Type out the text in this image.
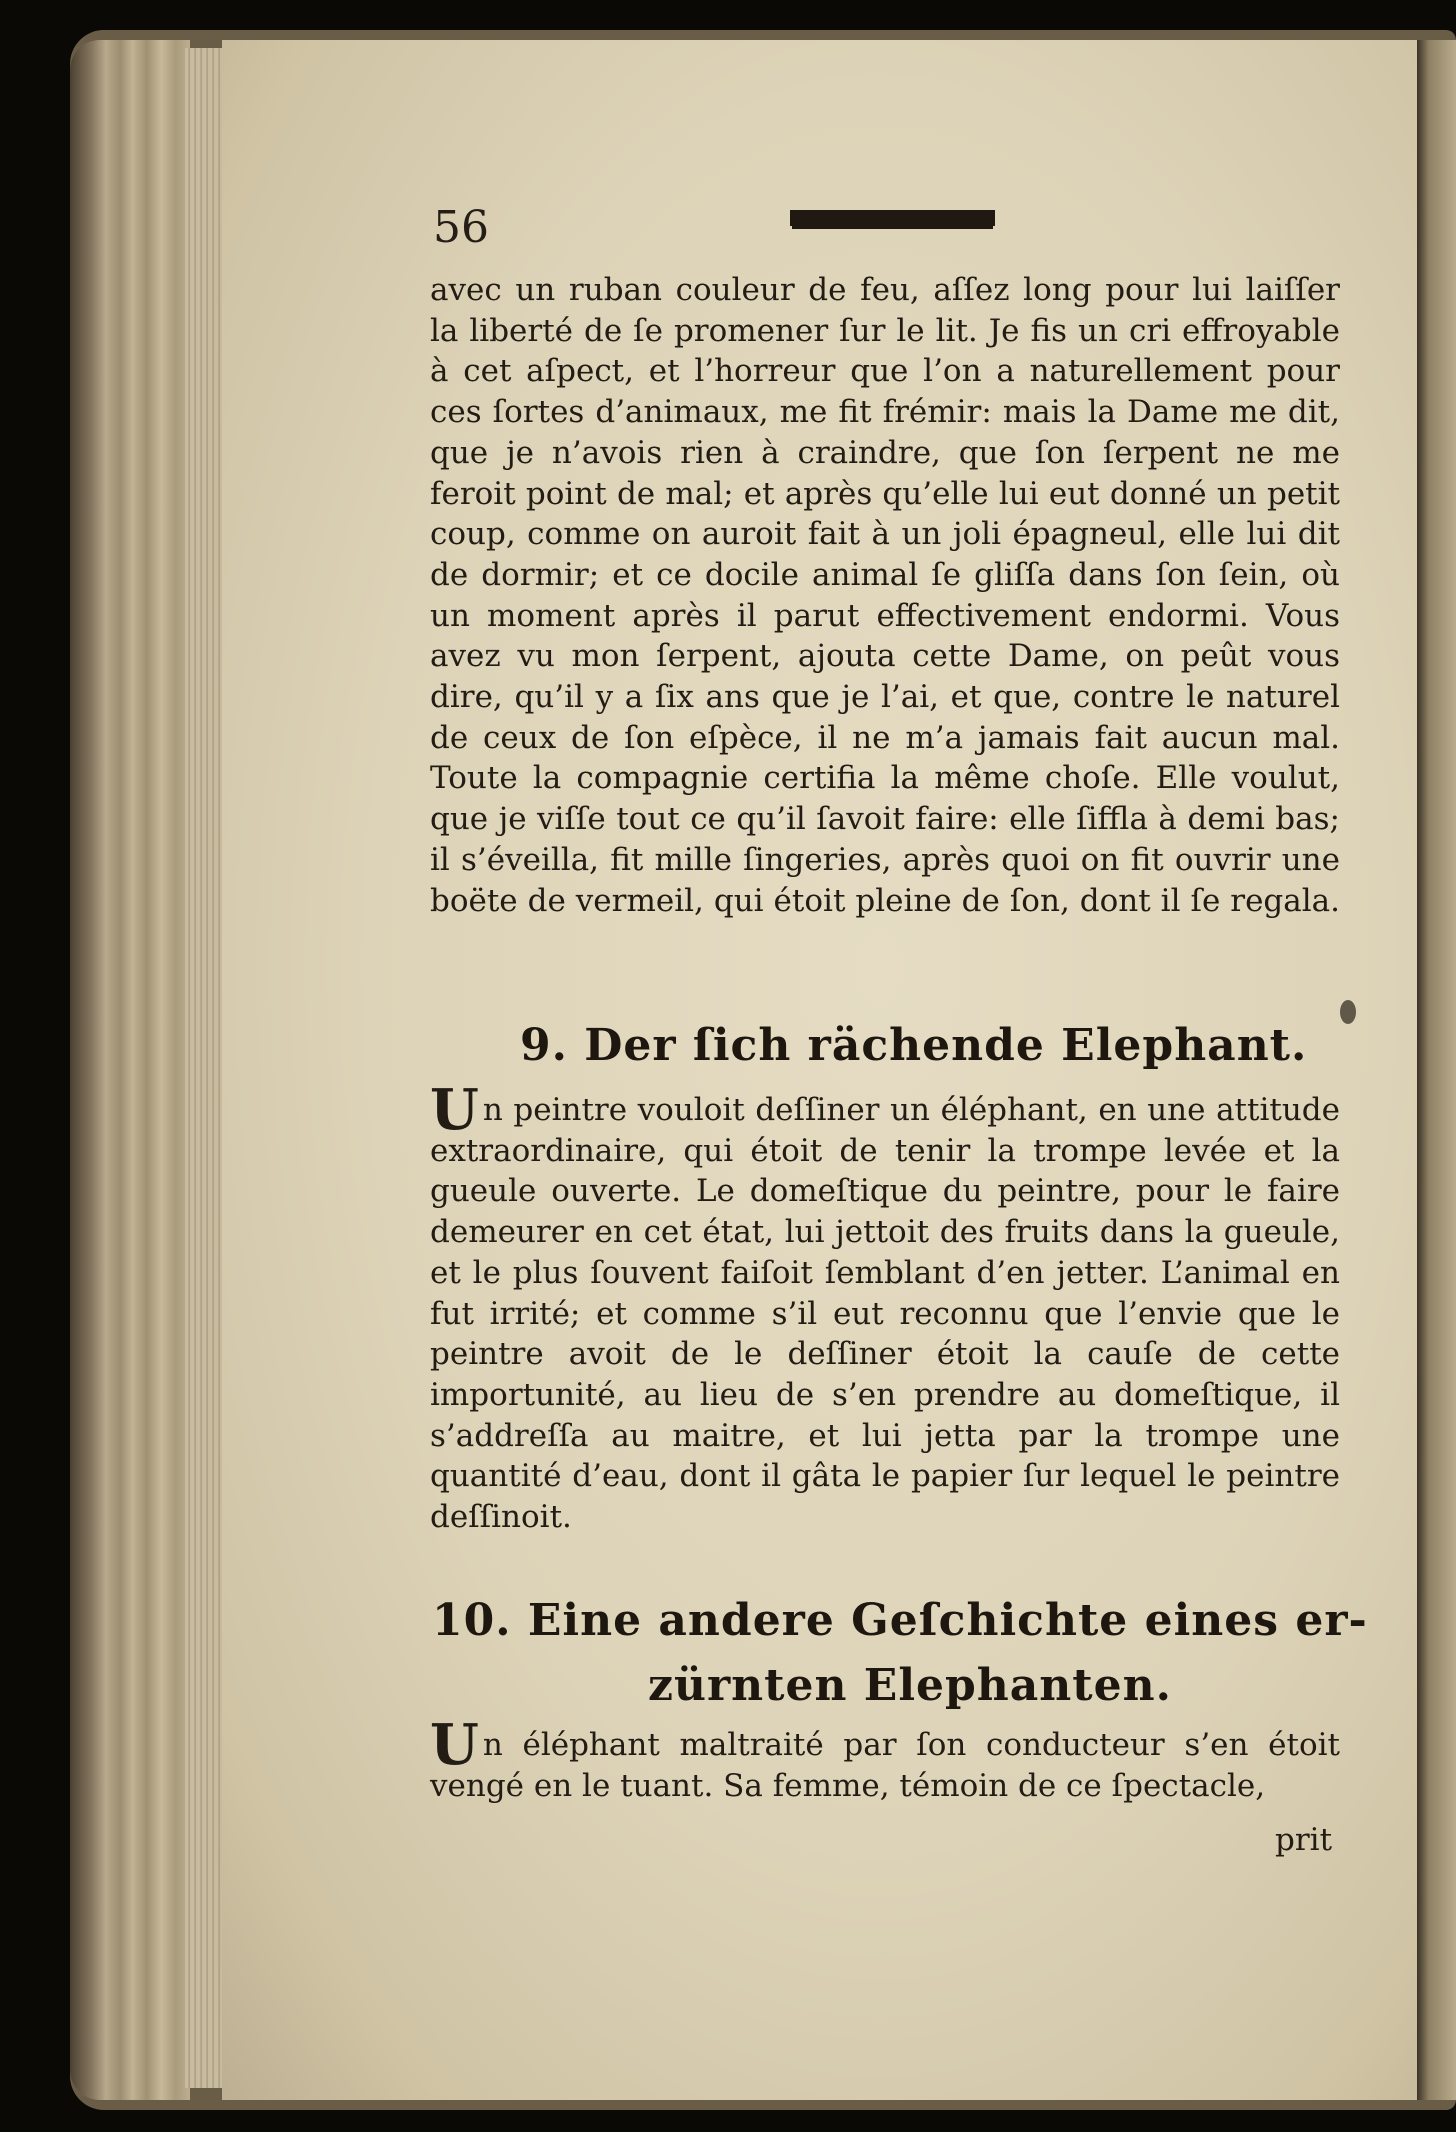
56
avec un ruban couleur de feu, aſſez long pour lui laiſſer la liberté de ſe promener ſur le lit. Je fis un cri effroyable à cet aſpect, et l’horreur que l’on a naturellement pour ces ſortes d’animaux, me fit frémir: mais la Dame me dit, que je n’avois rien à craindre, que ſon ſerpent ne me feroit point de mal; et après qu’elle lui eut donné un petit coup, comme on auroit fait à un joli épagneul, elle lui dit de dormir; et ce docile animal ſe gliſſa dans ſon ſein, où un moment après il parut effectivement endormi. Vous avez vu mon ſerpent, ajouta cette Dame, on peût vous dire, qu’il y a ſix ans que je l’ai, et que, contre le naturel de ceux de ſon eſpèce, il ne m’a jamais fait aucun mal. Toute la compagnie certifia la même choſe. Elle voulut, que je viſſe tout ce qu’il ſavoit faire: elle ſiffla à demi bas; il s’éveilla, fit mille ſingeries, après quoi on fit ouvrir une boëte de vermeil, qui étoit pleine de ſon, dont il ſe regala.
9. Der ſich rächende Elephant.
Un peintre vouloit deſſiner un éléphant, en une attitude extraordinaire, qui étoit de tenir la trompe levée et la gueule ouverte. Le domeſtique du peintre, pour le faire demeurer en cet état, lui jettoit des fruits dans la gueule, et le plus ſouvent faiſoit ſemblant d’en jetter. L’animal en fut irrité; et comme s’il eut reconnu que l’envie que le peintre avoit de le deſſiner étoit la cauſe de cette importunité, au lieu de s’en prendre au domeſtique, il s’addreſſa au maitre, et lui jetta par la trompe une quantité d’eau, dont il gâta le papier ſur lequel le peintre deſſinoit.
10. Eine andere Geſchichte eines er-
zürnten Elephanten.
Un éléphant maltraité par ſon conducteur s’en étoit vengé en le tuant. Sa femme, témoin de ce ſpectacle,
prit
